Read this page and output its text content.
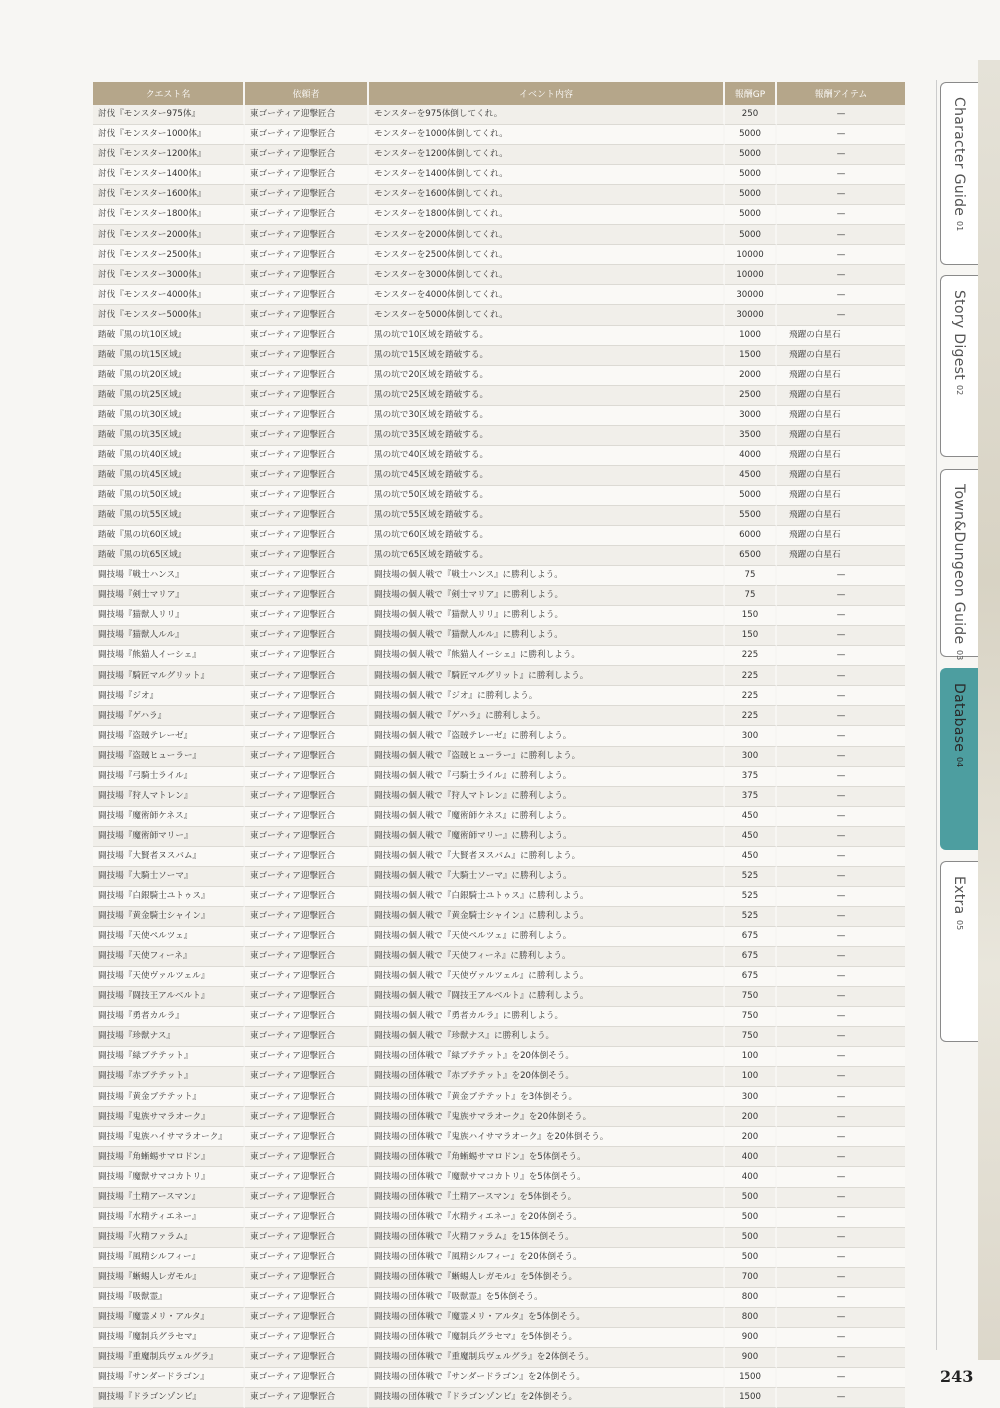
クエスト名	依頼者	イベント内容	報酬GP	報酬アイテム
討伐『モンスター975体』	東ゴーティア迎撃匠合	モンスターを975体倒してくれ。	250	—
討伐『モンスター1000体』	東ゴーティア迎撃匠合	モンスターを1000体倒してくれ。	5000	—
討伐『モンスター1200体』	東ゴーティア迎撃匠合	モンスターを1200体倒してくれ。	5000	—
討伐『モンスター1400体』	東ゴーティア迎撃匠合	モンスターを1400体倒してくれ。	5000	—
討伐『モンスター1600体』	東ゴーティア迎撃匠合	モンスターを1600体倒してくれ。	5000	—
討伐『モンスター1800体』	東ゴーティア迎撃匠合	モンスターを1800体倒してくれ。	5000	—
討伐『モンスター2000体』	東ゴーティア迎撃匠合	モンスターを2000体倒してくれ。	5000	—
討伐『モンスター2500体』	東ゴーティア迎撃匠合	モンスターを2500体倒してくれ。	10000	—
討伐『モンスター3000体』	東ゴーティア迎撃匠合	モンスターを3000体倒してくれ。	10000	—
討伐『モンスター4000体』	東ゴーティア迎撃匠合	モンスターを4000体倒してくれ。	30000	—
討伐『モンスター5000体』	東ゴーティア迎撃匠合	モンスターを5000体倒してくれ。	30000	—
踏破『黒の坑10区域』	東ゴーティア迎撃匠合	黒の坑で10区域を踏破する。	1000	飛躍の白星石
踏破『黒の坑15区域』	東ゴーティア迎撃匠合	黒の坑で15区域を踏破する。	1500	飛躍の白星石
踏破『黒の坑20区域』	東ゴーティア迎撃匠合	黒の坑で20区域を踏破する。	2000	飛躍の白星石
踏破『黒の坑25区域』	東ゴーティア迎撃匠合	黒の坑で25区域を踏破する。	2500	飛躍の白星石
踏破『黒の坑30区域』	東ゴーティア迎撃匠合	黒の坑で30区域を踏破する。	3000	飛躍の白星石
踏破『黒の坑35区域』	東ゴーティア迎撃匠合	黒の坑で35区域を踏破する。	3500	飛躍の白星石
踏破『黒の坑40区域』	東ゴーティア迎撃匠合	黒の坑で40区域を踏破する。	4000	飛躍の白星石
踏破『黒の坑45区域』	東ゴーティア迎撃匠合	黒の坑で45区域を踏破する。	4500	飛躍の白星石
踏破『黒の坑50区域』	東ゴーティア迎撃匠合	黒の坑で50区域を踏破する。	5000	飛躍の白星石
踏破『黒の坑55区域』	東ゴーティア迎撃匠合	黒の坑で55区域を踏破する。	5500	飛躍の白星石
踏破『黒の坑60区域』	東ゴーティア迎撃匠合	黒の坑で60区域を踏破する。	6000	飛躍の白星石
踏破『黒の坑65区域』	東ゴーティア迎撃匠合	黒の坑で65区域を踏破する。	6500	飛躍の白星石
闘技場『戦士ハンス』	東ゴーティア迎撃匠合	闘技場の個人戦で『戦士ハンス』に勝利しよう。	75	—
闘技場『剣士マリア』	東ゴーティア迎撃匠合	闘技場の個人戦で『剣士マリア』に勝利しよう。	75	—
闘技場『猫獣人リリ』	東ゴーティア迎撃匠合	闘技場の個人戦で『猫獣人リリ』に勝利しよう。	150	—
闘技場『猫獣人ルル』	東ゴーティア迎撃匠合	闘技場の個人戦で『猫獣人ルル』に勝利しよう。	150	—
闘技場『熊猫人イーシェ』	東ゴーティア迎撃匠合	闘技場の個人戦で『熊猫人イーシェ』に勝利しよう。	225	—
闘技場『騎匠マルグリット』	東ゴーティア迎撃匠合	闘技場の個人戦で『騎匠マルグリット』に勝利しよう。	225	—
闘技場『ジオ』	東ゴーティア迎撃匠合	闘技場の個人戦で『ジオ』に勝利しよう。	225	—
闘技場『ゲハラ』	東ゴーティア迎撃匠合	闘技場の個人戦で『ゲハラ』に勝利しよう。	225	—
闘技場『盗賊テレーゼ』	東ゴーティア迎撃匠合	闘技場の個人戦で『盗賊テレーゼ』に勝利しよう。	300	—
闘技場『盗賊ヒューラー』	東ゴーティア迎撃匠合	闘技場の個人戦で『盗賊ヒューラー』に勝利しよう。	300	—
闘技場『弓騎士ライル』	東ゴーティア迎撃匠合	闘技場の個人戦で『弓騎士ライル』に勝利しよう。	375	—
闘技場『狩人マトレン』	東ゴーティア迎撃匠合	闘技場の個人戦で『狩人マトレン』に勝利しよう。	375	—
闘技場『魔術師ケネス』	東ゴーティア迎撃匠合	闘技場の個人戦で『魔術師ケネス』に勝利しよう。	450	—
闘技場『魔術師マリー』	東ゴーティア迎撃匠合	闘技場の個人戦で『魔術師マリー』に勝利しよう。	450	—
闘技場『大賢者ヌスバム』	東ゴーティア迎撃匠合	闘技場の個人戦で『大賢者ヌスバム』に勝利しよう。	450	—
闘技場『大騎士ソーマ』	東ゴーティア迎撃匠合	闘技場の個人戦で『大騎士ソーマ』に勝利しよう。	525	—
闘技場『白銀騎士ユトゥス』	東ゴーティア迎撃匠合	闘技場の個人戦で『白銀騎士ユトゥス』に勝利しよう。	525	—
闘技場『黄金騎士シャイン』	東ゴーティア迎撃匠合	闘技場の個人戦で『黄金騎士シャイン』に勝利しよう。	525	—
闘技場『天使ペルツェ』	東ゴーティア迎撃匠合	闘技場の個人戦で『天使ペルツェ』に勝利しよう。	675	—
闘技場『天使フィーネ』	東ゴーティア迎撃匠合	闘技場の個人戦で『天使フィーネ』に勝利しよう。	675	—
闘技場『天使ヴァルツェル』	東ゴーティア迎撃匠合	闘技場の個人戦で『天使ヴァルツェル』に勝利しよう。	675	—
闘技場『闘技王アルベルト』	東ゴーティア迎撃匠合	闘技場の個人戦で『闘技王アルベルト』に勝利しよう。	750	—
闘技場『勇者カルラ』	東ゴーティア迎撃匠合	闘技場の個人戦で『勇者カルラ』に勝利しよう。	750	—
闘技場『珍獣ナス』	東ゴーティア迎撃匠合	闘技場の個人戦で『珍獣ナス』に勝利しよう。	750	—
闘技場『緑ブテテット』	東ゴーティア迎撃匠合	闘技場の団体戦で『緑ブテテット』を20体倒そう。	100	—
闘技場『赤ブテテット』	東ゴーティア迎撃匠合	闘技場の団体戦で『赤ブテテット』を20体倒そう。	100	—
闘技場『黄金ブテテット』	東ゴーティア迎撃匠合	闘技場の団体戦で『黄金ブテテット』を3体倒そう。	300	—
闘技場『鬼族サマラオーク』	東ゴーティア迎撃匠合	闘技場の団体戦で『鬼族サマラオーク』を20体倒そう。	200	—
闘技場『鬼族ハイサマラオーク』	東ゴーティア迎撃匠合	闘技場の団体戦で『鬼族ハイサマラオーク』を20体倒そう。	200	—
闘技場『角蜥蜴サマロドン』	東ゴーティア迎撃匠合	闘技場の団体戦で『角蜥蜴サマロドン』を5体倒そう。	400	—
闘技場『魔獣サマコカトリ』	東ゴーティア迎撃匠合	闘技場の団体戦で『魔獣サマコカトリ』を5体倒そう。	400	—
闘技場『土精アースマン』	東ゴーティア迎撃匠合	闘技場の団体戦で『土精アースマン』を5体倒そう。	500	—
闘技場『水精ティエネー』	東ゴーティア迎撃匠合	闘技場の団体戦で『水精ティエネー』を20体倒そう。	500	—
闘技場『火精ファラム』	東ゴーティア迎撃匠合	闘技場の団体戦で『火精ファラム』を15体倒そう。	500	—
闘技場『風精シルフィー』	東ゴーティア迎撃匠合	闘技場の団体戦で『風精シルフィー』を20体倒そう。	500	—
闘技場『蜥蜴人レガモル』	東ゴーティア迎撃匠合	闘技場の団体戦で『蜥蜴人レガモル』を5体倒そう。	700	—
闘技場『吸獣霊』	東ゴーティア迎撃匠合	闘技場の団体戦で『吸獣霊』を5体倒そう。	800	—
闘技場『魔霊メリ・アルタ』	東ゴーティア迎撃匠合	闘技場の団体戦で『魔霊メリ・アルタ』を5体倒そう。	800	—
闘技場『魔制兵グラセマ』	東ゴーティア迎撃匠合	闘技場の団体戦で『魔制兵グラセマ』を5体倒そう。	900	—
闘技場『重魔制兵ヴェルグラ』	東ゴーティア迎撃匠合	闘技場の団体戦で『重魔制兵ヴェルグラ』を2体倒そう。	900	—
闘技場『サンダードラゴン』	東ゴーティア迎撃匠合	闘技場の団体戦で『サンダードラゴン』を2体倒そう。	1500	—
闘技場『ドラゴンゾンビ』	東ゴーティア迎撃匠合	闘技場の団体戦で『ドラゴンゾンビ』を2体倒そう。	1500	—
Character Guide 01
Story Digest 02
Town&Dungeon Guide 03
Database 04
Extra 05
243
